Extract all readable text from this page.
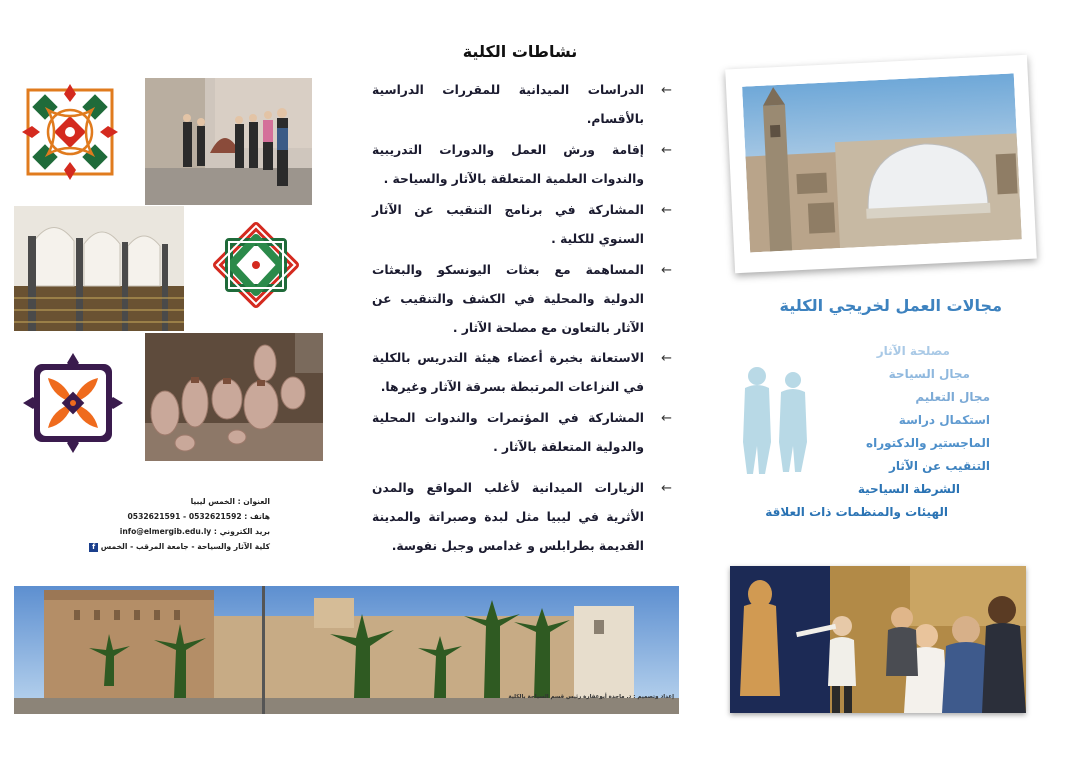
العنوان : الخمس ليبيا
هاتف : 0532621592 - 0532621591
بريد الكتروني : info@elmergib.edu.ly
كلية الآثار والسياحة - جامعة المرقب - الخمس f
نشاطات الكلية
←
الدراسات الميدانية للمقررات الدراسية بالأقسام.
←
إقامة ورش العمل والدورات التدريبية والندوات العلمية المتعلقة بالآثار والسياحة .
←
المشاركة في برنامج التنقيب عن الآثار السنوي للكلية .
←
المساهمة مع بعثات اليونسكو والبعثات الدولية والمحلية في الكشف والتنقيب عن الآثار بالتعاون مع مصلحة الآثار .
←
الاستعانة بخبرة أعضاء هيئة التدريس بالكلية في النزاعات المرتبطة بسرقة الآثار وغيرها.
←
المشاركة في المؤتمرات والندوات المحلية والدولية المتعلقة بالآثار .
←
الزيارات الميدانية لأغلب المواقع والمدن الأثرية في ليبيا مثل لبدة وصبراتة والمدينة القديمة بطرابلس و غدامس وجبل نفوسة.
مجالات العمل لخريجي الكلية
مصلحة الآثار
مجال السياحة
مجال التعليم
استكمال دراسة
الماجستير والدكتوراه
التنقيب عن الآثار
الشرطة السياحية
الهيئات والمنظمات ذات العلاقة
إعداد وتصميم : د. ماجدة أبوعفارة رئيس قسم السياحة بالكلية
